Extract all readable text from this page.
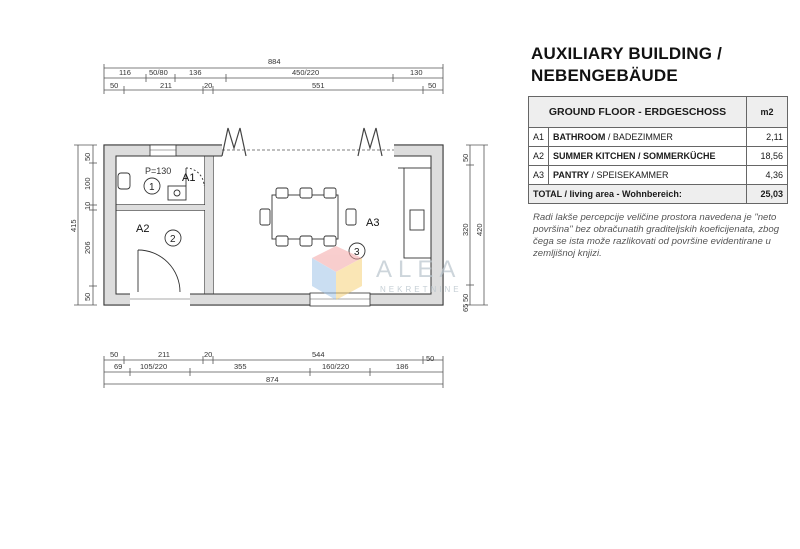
884
116 50/80	136	450/220	130
50	211	20	551	50
50
100
10
415
206
50
50
320 420
50
65
P=130
A1
A2	A3
1
2
3
ALEA
NEKRETNINE
50	211	20	544	50
69 105/220	355	160/220	186
874
AUXILIARY BUILDING /
NEBENGEBÄUDE
GROUND FLOOR - ERDGESCHOSS		m2
A1	BATHROOM / BADEZIMMER	2,11
A2	SUMMER KITCHEN / SOMMERKÜCHE	18,56
A3	PANTRY / SPEISEKAMMER	4,36
TOTAL / living area - Wohnbereich:		25,03
Radi lakše percepcije veličine prostora navedena je "neto površina" bez obračunatih graditeljskih koeficijenata, zbog čega se ista može razlikovati od površine evidentirane u zemljišnoj knjizi.
